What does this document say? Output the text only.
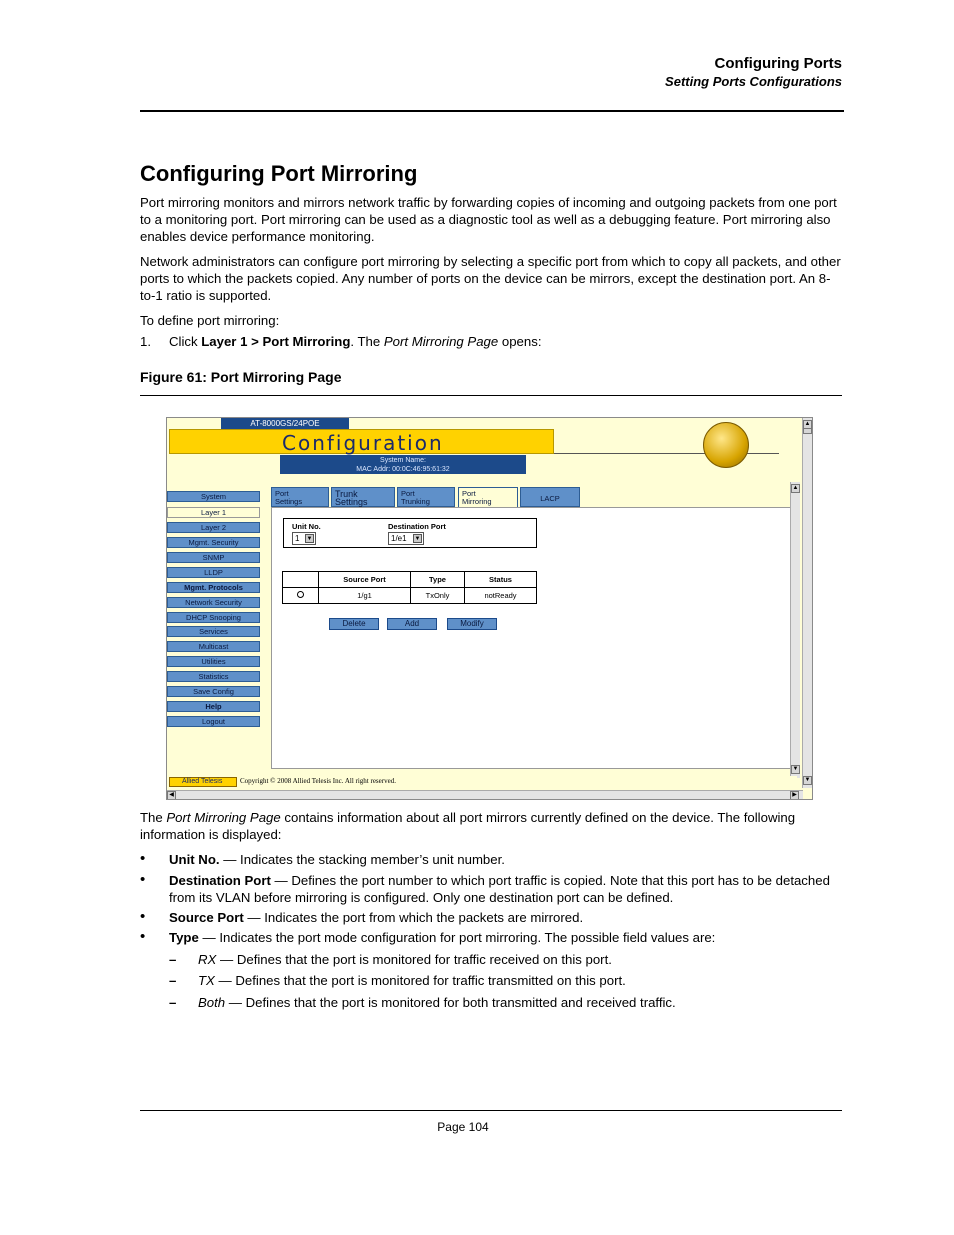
Configuring Ports
Setting Ports Configurations
Configuring Port Mirroring
Port mirroring monitors and mirrors network traffic by forwarding copies of incoming and outgoing packets from one port to a monitoring port. Port mirroring can be used as a diagnostic tool as well as a debugging feature. Port mirroring also enables device performance monitoring.
Network administrators can configure port mirroring by selecting a specific port from which to copy all packets, and other ports to which the packets copied. Any number of ports on the device can be mirrors, except the destination port. An 8-to-1 ratio is supported.
To define port mirroring:
1. Click Layer 1 > Port Mirroring. The Port Mirroring Page opens:
Figure 61: Port Mirroring Page
AT-8000GS/24POE
Configuration
System Name:
MAC Addr: 00:0C:46:95:61:32
System
Layer 1
Layer 2
Mgmt. Security
SNMP
LLDP
Mgmt. Protocols
Network Security
DHCP Snooping
Services
Multicast
Utilities
Statistics
Save Config
Help
Logout
Port
Settings
Trunk
Settings
Port
Trunking
Port
Mirroring	LACP
Unit No.
1 ▼
Destination Port
1/e1 ▼
	Source Port	Type	Status
	1/g1	TxOnly	notReady
Delete	Add	Modify
▲
▼
▲
▼
Allied Telesis	Copyright © 2008 Allied Telesis Inc. All right reserved.
◀	▶
The Port Mirroring Page contains information about all port mirrors currently defined on the device. The following information is displayed:
•	Unit No. — Indicates the stacking member’s unit number.
•	Destination Port — Defines the port number to which port traffic is copied. Note that this port has to be detached from its VLAN before mirroring is configured. Only one destination port can be defined.
•	Source Port — Indicates the port from which the packets are mirrored.
•	Type — Indicates the port mode configuration for port mirroring. The possible field values are:
–	RX — Defines that the port is monitored for traffic received on this port.
–	TX — Defines that the port is monitored for traffic transmitted on this port.
–	Both — Defines that the port is monitored for both transmitted and received traffic.
Page 104
